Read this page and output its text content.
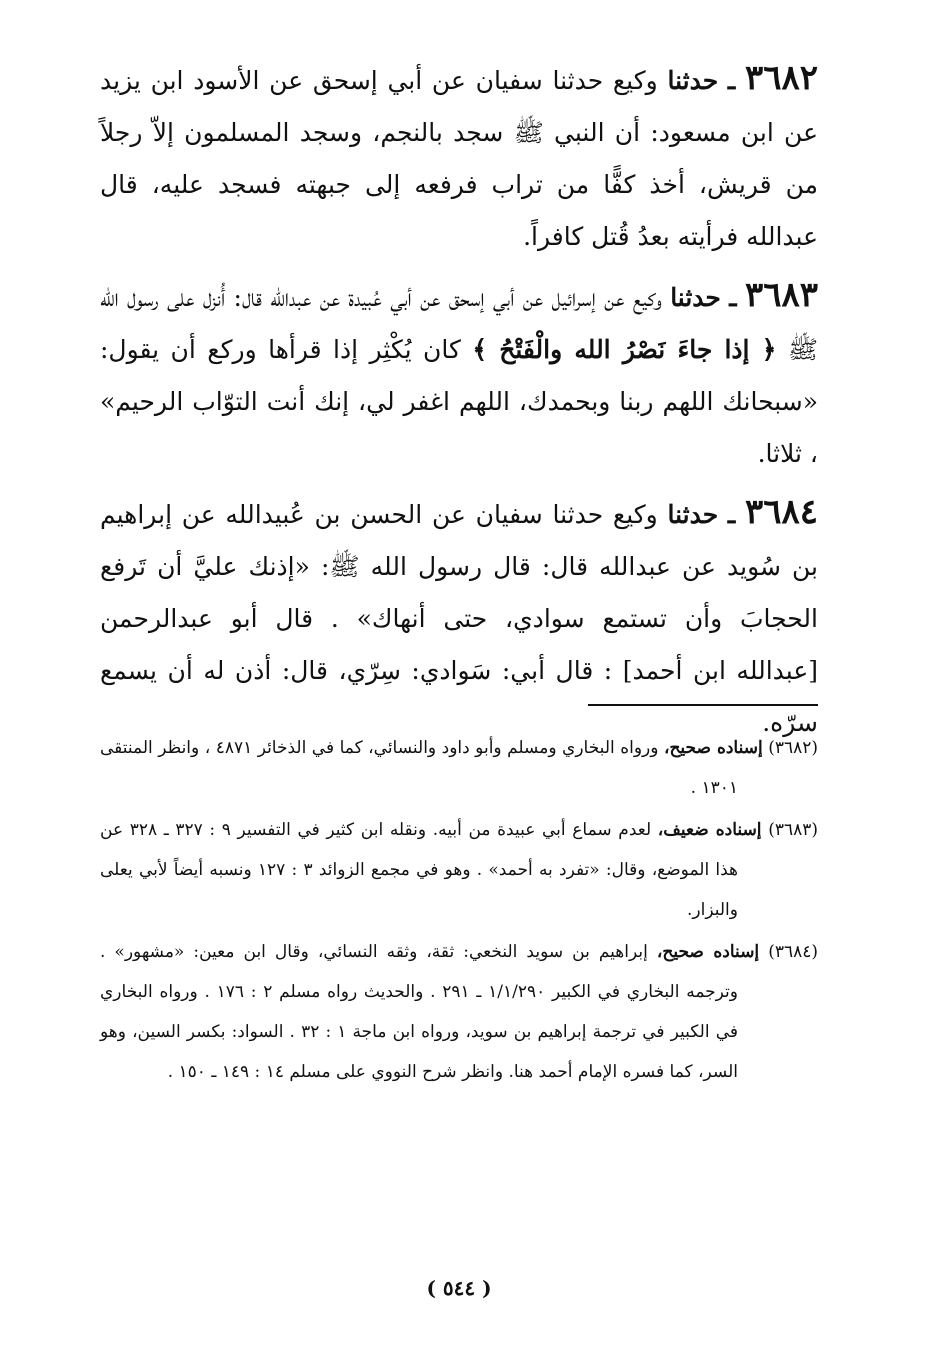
٣٦٨٢ ـ حدثنا وكيع حدثنا سفيان عن أبي إسحق عن الأسود ابن يزيد عن ابن مسعود: أن النبي ﷺ سجد بالنجم، وسجد المسلمون إلاّ رجلاً من قريش، أخذ كفًّا من تراب فرفعه إلى جبهته فسجد عليه، قال عبدالله فرأيته بعدُ قُتل كافراً.

٣٦٨٣ ـ حدثنا وكيع عن إسرائيل عن أبي إسحق عن أبي عُبيدة عن عبدالله قال: أُنزل على رسول الله ﷺ ﴿ إذا جاءَ نَصْرُ الله والْفَتْحُ ﴾ كان يُكْثِر إذا قرأها وركع أن يقول: «سبحانك اللهم ربنا وبحمدك، اللهم اغفر لي، إنك أنت التوّاب الرحيم» ، ثلاثا.

٣٦٨٤ ـ حدثنا وكيع حدثنا سفيان عن الحسن بن عُبيدالله عن إبراهيم بن سُويد عن عبدالله قال: قال رسول الله ﷺ: «إذنك عليَّ أن تَرفع الحجابَ وأن تستمع سوادي، حتى أنهاك» . قال أبو عبدالرحمن [عبدالله ابن أحمد] : قال أبي: سَوادي: سِرّي، قال: أذن له أن يسمع سرّه.

(٣٦٨٢) إسناده صحيح، ورواه البخاري ومسلم وأبو داود والنسائي، كما في الذخائر ٤٨٧١ ، وانظر المنتقى ١٣٠١ .

(٣٦٨٣) إسناده ضعيف، لعدم سماع أبي عبيدة من أبيه. ونقله ابن كثير في التفسير ٩ : ٣٢٧ ـ ٣٢٨ عن هذا الموضع، وقال: «تفرد به أحمد» . وهو في مجمع الزوائد ٣ : ١٢٧ ونسبه أيضاً لأبي يعلى والبزار.

(٣٦٨٤) إسناده صحيح، إبراهيم بن سويد النخعي: ثقة، وثقه النسائي، وقال ابن معين: «مشهور» . وترجمه البخاري في الكبير ١/١/٢٩٠ ـ ٢٩١ . والحديث رواه مسلم ٢ : ١٧٦ . ورواه البخاري في الكبير في ترجمة إبراهيم بن سويد، ورواه ابن ماجة ١ : ٣٢ . السواد: بكسر السين، وهو السر، كما فسره الإمام أحمد هنا. وانظر شرح النووي على مسلم ١٤ : ١٤٩ ـ ١٥٠ .

( ٥٤٤ )
